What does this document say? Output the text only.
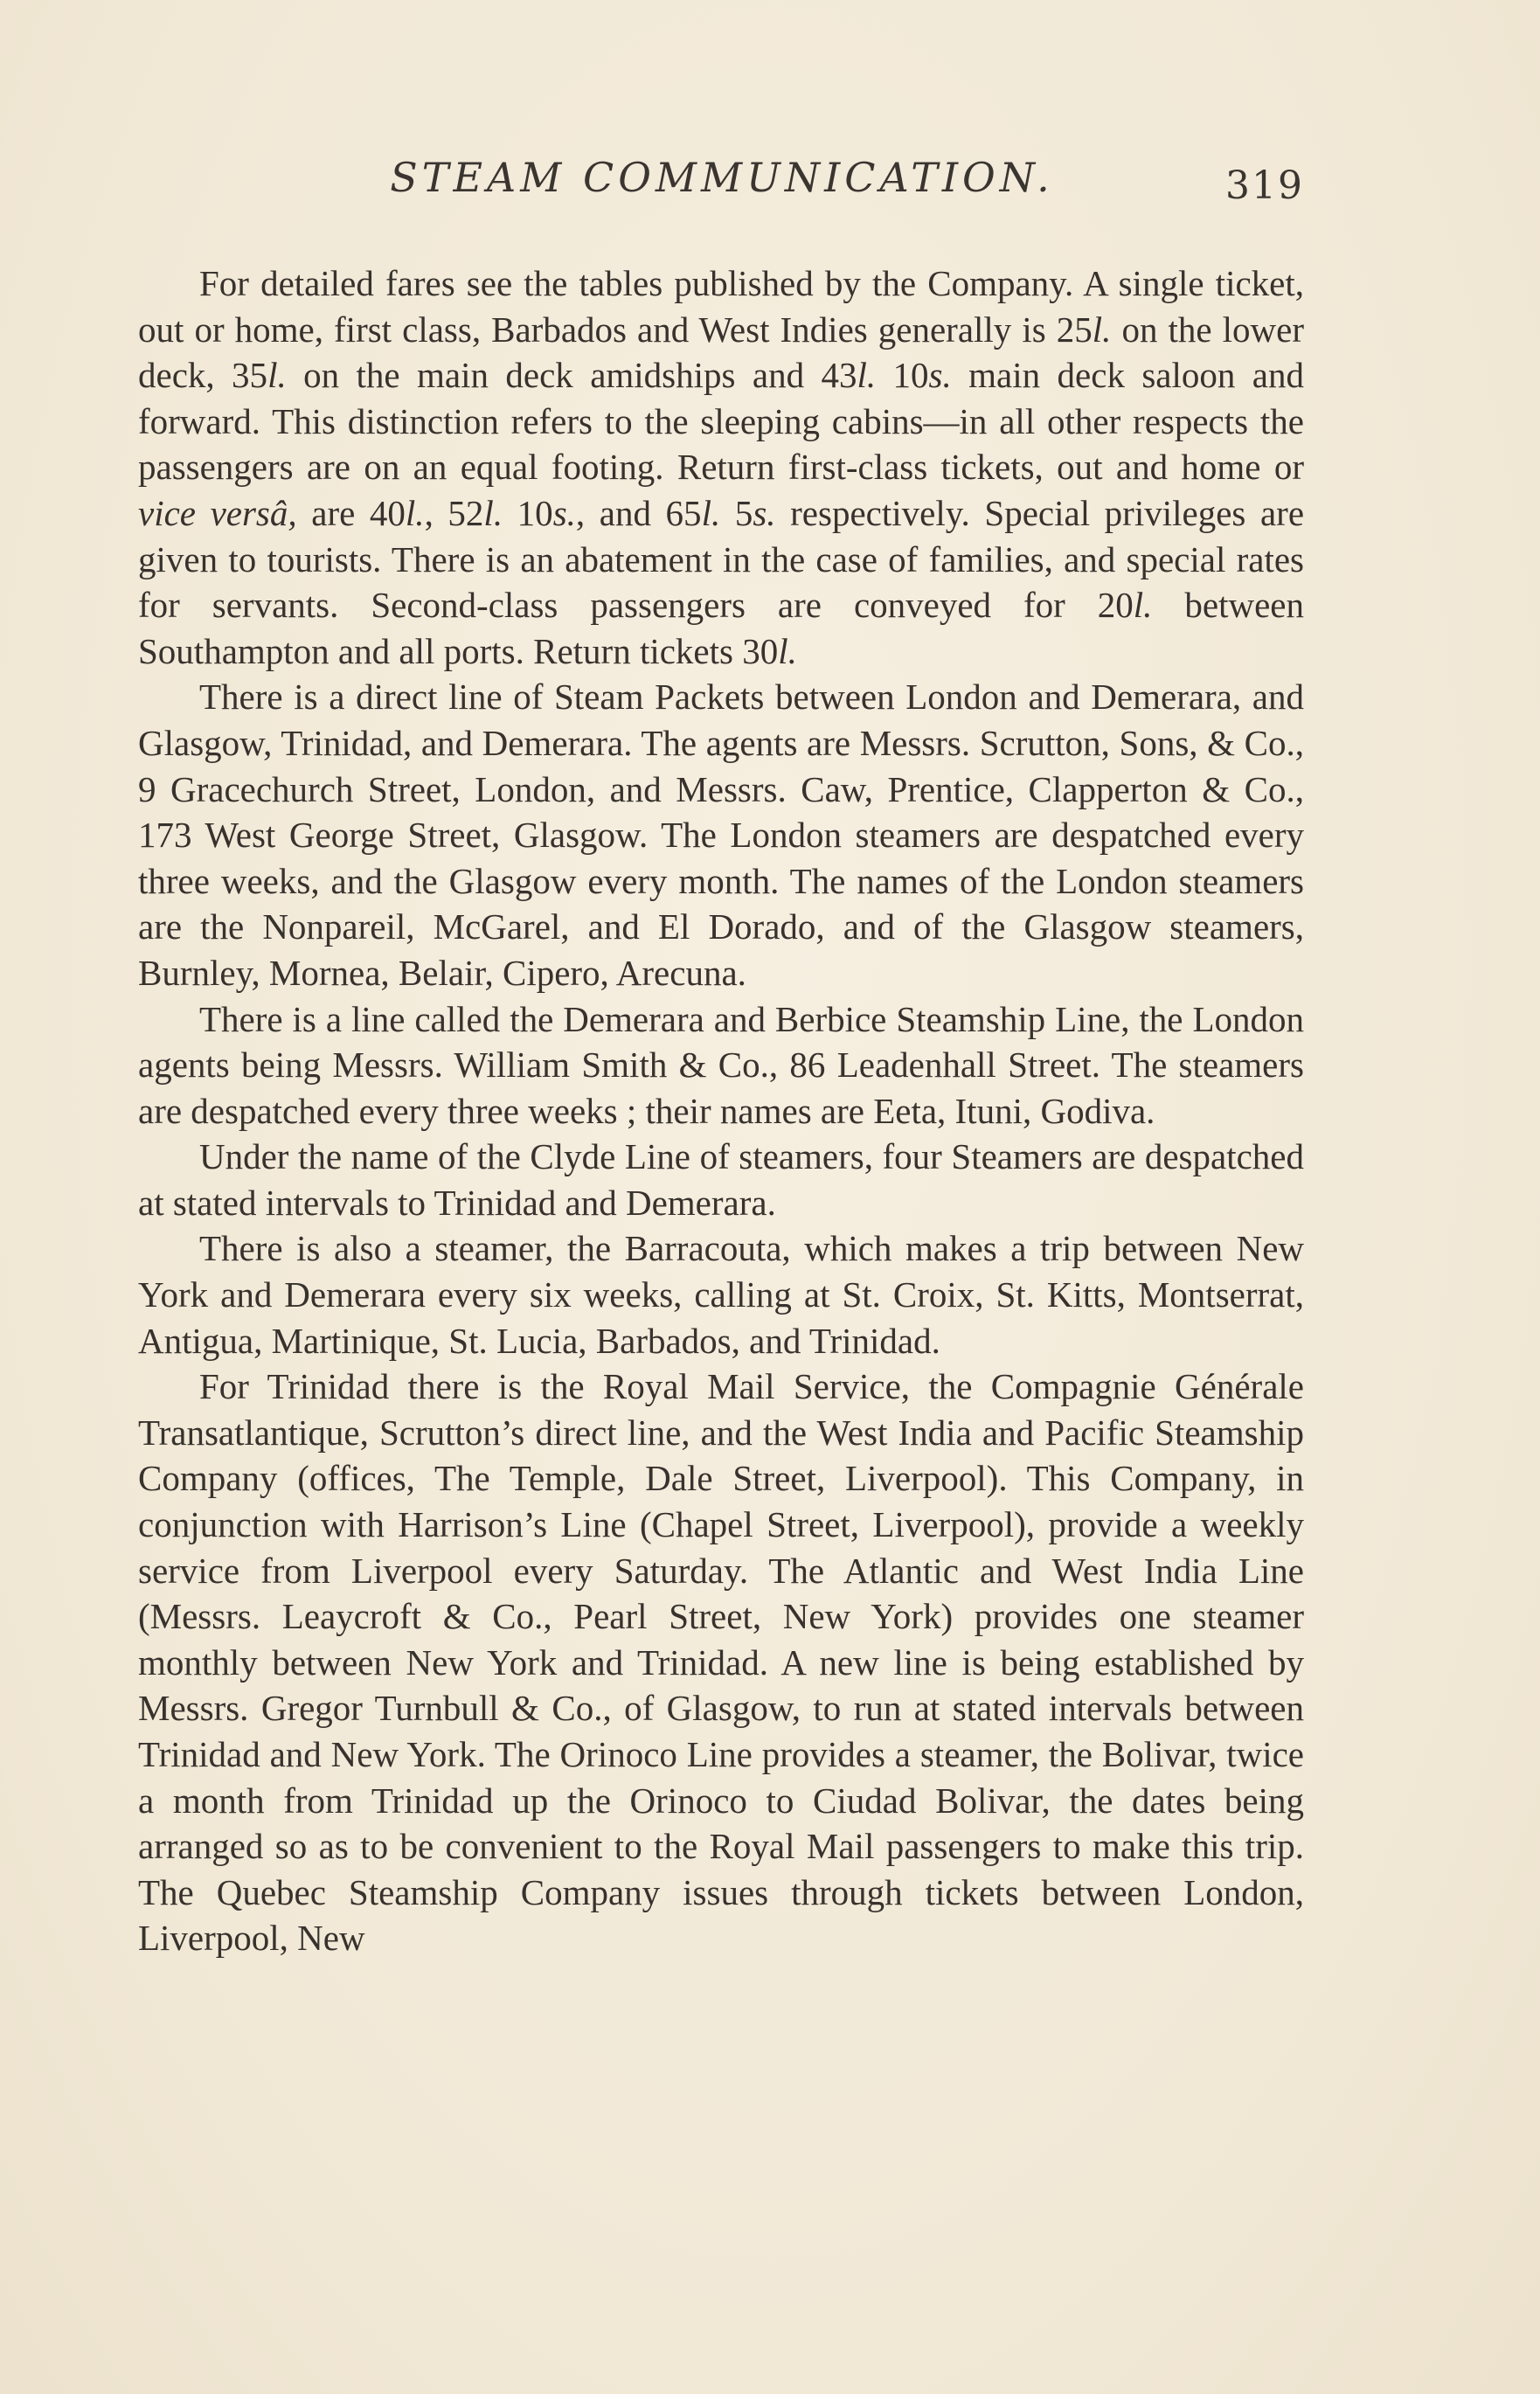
STEAM COMMUNICATION.	319

For detailed fares see the tables published by the Company. A single ticket, out or home, first class, Barbados and West Indies generally is 25l. on the lower deck, 35l. on the main deck amidships and 43l. 10s. main deck saloon and forward. This distinction refers to the sleeping cabins—in all other respects the passengers are on an equal footing. Return first-class tickets, out and home or vice versâ, are 40l., 52l. 10s., and 65l. 5s. respectively. Special privileges are given to tourists. There is an abatement in the case of families, and special rates for servants. Second-class passengers are conveyed for 20l. between Southampton and all ports. Return tickets 30l.

There is a direct line of Steam Packets between London and Demerara, and Glasgow, Trinidad, and Demerara. The agents are Messrs. Scrutton, Sons, & Co., 9 Gracechurch Street, London, and Messrs. Caw, Prentice, Clapperton & Co., 173 West George Street, Glasgow. The London steamers are despatched every three weeks, and the Glasgow every month. The names of the London steamers are the Nonpareil, McGarel, and El Dorado, and of the Glasgow steamers, Burnley, Mornea, Belair, Cipero, Arecuna.

There is a line called the Demerara and Berbice Steamship Line, the London agents being Messrs. William Smith & Co., 86 Leadenhall Street. The steamers are despatched every three weeks ; their names are Eeta, Ituni, Godiva.

Under the name of the Clyde Line of steamers, four Steamers are despatched at stated intervals to Trinidad and Demerara.

There is also a steamer, the Barracouta, which makes a trip between New York and Demerara every six weeks, calling at St. Croix, St. Kitts, Montserrat, Antigua, Martinique, St. Lucia, Barbados, and Trinidad.

For Trinidad there is the Royal Mail Service, the Compagnie Générale Transatlantique, Scrutton’s direct line, and the West India and Pacific Steamship Company (offices, The Temple, Dale Street, Liverpool). This Company, in conjunction with Harrison’s Line (Chapel Street, Liverpool), provide a weekly service from Liverpool every Saturday. The Atlantic and West India Line (Messrs. Leaycroft & Co., Pearl Street, New York) provides one steamer monthly between New York and Trinidad. A new line is being established by Messrs. Gregor Turnbull & Co., of Glasgow, to run at stated intervals between Trinidad and New York. The Orinoco Line provides a steamer, the Bolivar, twice a month from Trinidad up the Orinoco to Ciudad Bolivar, the dates being arranged so as to be convenient to the Royal Mail passengers to make this trip. The Quebec Steamship Company issues through tickets between London, Liverpool, New
